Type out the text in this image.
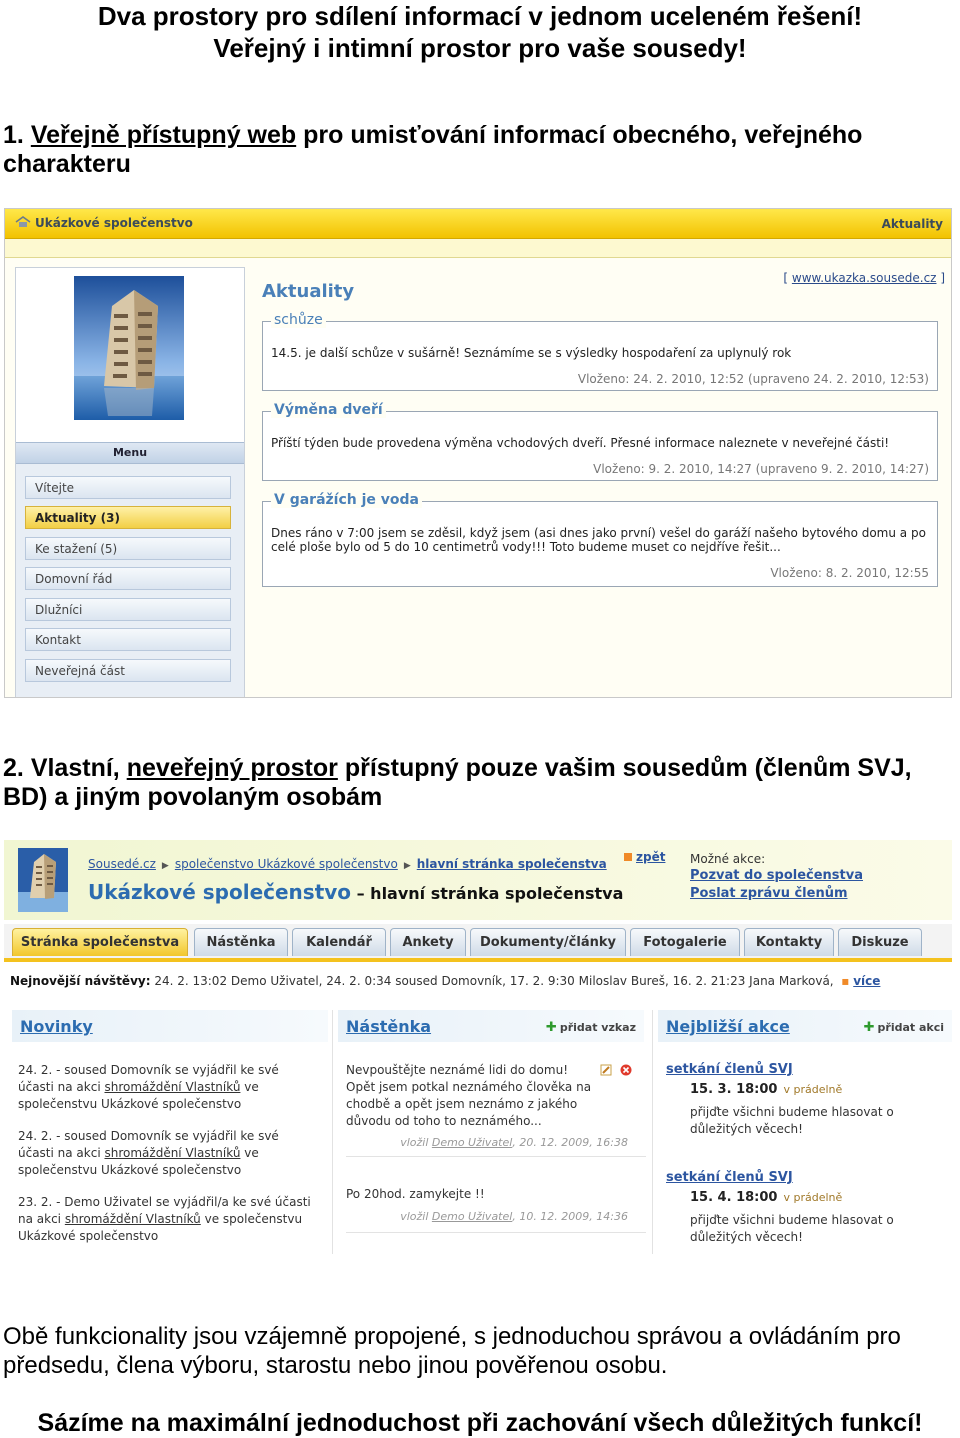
Dva prostory pro sdílení informací v jednom uceleném řešení!
Veřejný i intimní prostor pro vaše sousedy!
1. Veřejně přístupný web pro umisťování informací obecného, veřejného charakteru
Ukázkové společenstvo	Aktuality
[ www.ukazka.sousede.cz ]
Menu
Vítejte
Aktuality (3)
Ke stažení (5)
Domovní řád
Dlužníci
Kontakt
Neveřejná část
Aktuality
schůze
14.5. je další schůze v sušárně! Seznámíme se s výsledky hospodaření za uplynulý rok
Vloženo: 24. 2. 2010, 12:52 (upraveno 24. 2. 2010, 12:53)
Výměna dveří
Příští týden bude provedena výměna vchodových dveří. Přesné informace naleznete v neveřejné části!
Vloženo: 9. 2. 2010, 14:27 (upraveno 9. 2. 2010, 14:27)
V garážích je voda
Dnes ráno v 7:00 jsem se zděsil, když jsem (asi dnes jako první) vešel do garáží našeho bytového domu a po celé ploše bylo od 5 do 10 centimetrů vody!!! Toto budeme muset co nejdříve řešit...
Vloženo: 8. 2. 2010, 12:55
2. Vlastní, neveřejný prostor přístupný pouze vašim sousedům (členům SVJ, BD) a jiným povolaným osobám
Sousedé.cz ▶ společenstvo Ukázkové společenstvo ▶ hlavní stránka společenstva
Ukázkové společenstvo – hlavní stránka společenstva
zpět Možné akce:
Pozvat do společenstva
Poslat zprávu členům
Stránka společenstva	Nástěnka	Kalendář	Ankety	Dokumenty/články	Fotogalerie	Kontakty	Diskuze
Nejnovější návštěvy: 24. 2. 13:02 Demo Uživatel, 24. 2. 0:34 soused Domovník, 17. 2. 9:30 Miloslav Bureš, 16. 2. 21:23 Jana Marková, ▪ více
Novinky
24. 2. - soused Domovník se vyjádřil ke své účasti na akci shromáždění Vlastníků ve společenstvu Ukázkové společenstvo
24. 2. - soused Domovník se vyjádřil ke své účasti na akci shromáždění Vlastníků ve společenstvu Ukázkové společenstvo
23. 2. - Demo Uživatel se vyjádřil/a ke své účasti na akci shromáždění Vlastníků ve společenstvu Ukázkové společenstvo
Nástěnka	✚ přidat vzkaz
Nevpouštějte neznámé lidi do domu! Opět jsem potkal neznámého člověka na chodbě a opět jsem neznámo z jakého důvodu od toho to neznámého...
vložil Demo Uživatel, 20. 12. 2009, 16:38
Po 20hod. zamykejte !!
vložil Demo Uživatel, 10. 12. 2009, 14:36
Nejbližší akce	✚ přidat akci
setkání členů SVJ
15. 3. 18:00 v prádelně
přijďte všichni budeme hlasovat o důležitých věcech!
setkání členů SVJ
15. 4. 18:00 v prádelně
přijďte všichni budeme hlasovat o důležitých věcech!
Obě funkcionality jsou vzájemně propojené, s jednoduchou správou a ovládáním pro předsedu, člena výboru, starostu nebo jinou pověřenou osobu.
Sázíme na maximální jednoduchost při zachování všech důležitých funkcí!
